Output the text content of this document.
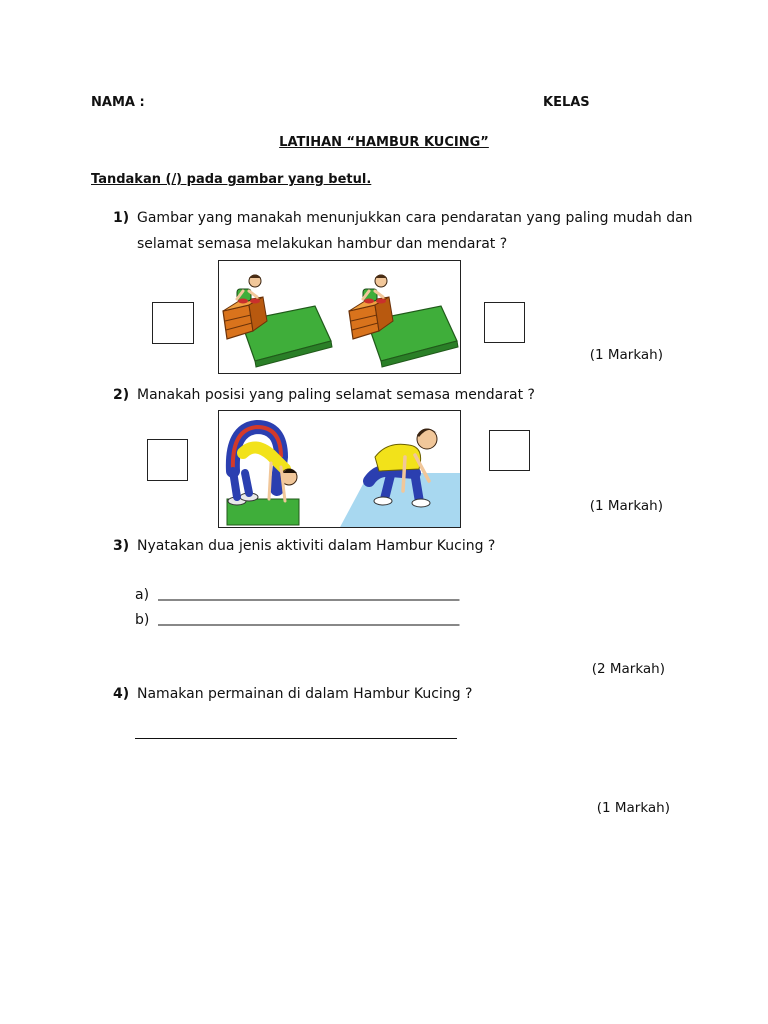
NAMA :	KELAS
LATIHAN “HAMBUR KUCING”
Tandakan (/) pada gambar yang betul.
1) Gambar yang manakah menunjukkan cara pendaratan yang paling mudah dan
selamat semasa melakukan hambur dan mendarat ?
(1 Markah)
2) Manakah posisi yang paling selamat semasa mendarat ?
(1 Markah)
3) Nyatakan dua jenis aktiviti dalam Hambur Kucing ?
a) _______________________________________________
b) _______________________________________________
(2 Markah)
4) Namakan permainan di dalam Hambur Kucing ?
(1 Markah)
